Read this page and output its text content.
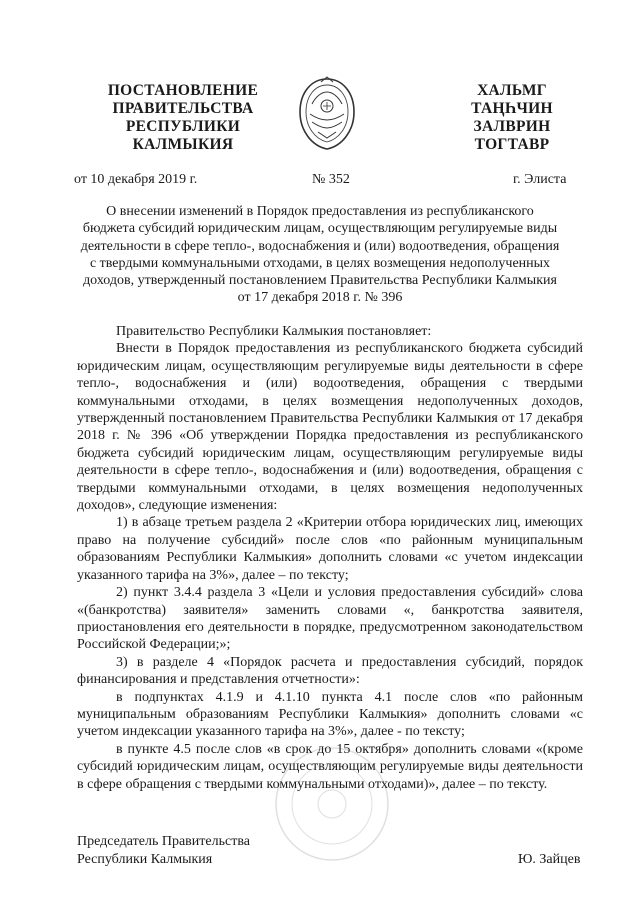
ПОСТАНОВЛЕНИЕ
ПРАВИТЕЛЬСТВА
РЕСПУБЛИКИ
КАЛМЫКИЯ
ХАЛЬМГ
ТАҢҺЧИН
ЗАЛВРИН
ТОГТАВР
от 10 декабря 2019 г.	№ 352	г. Элиста
О внесении изменений в Порядок предоставления из республиканского
бюджета субсидий юридическим лицам, осуществляющим регулируемые виды
деятельности в сфере тепло-, водоснабжения и (или) водоотведения, обращения
с твердыми коммунальными отходами, в целях возмещения недополученных
доходов, утвержденный постановлением Правительства Республики Калмыкия
от 17 декабря 2018 г. № 396

Правительство Республики Калмыкия постановляет:

Внести в Порядок предоставления из республиканского бюджета субсидий юридическим лицам, осуществляющим регулируемые виды деятельности в сфере тепло-, водоснабжения и (или) водоотведения, обращения с твердыми коммунальными отходами, в целях возмещения недополученных доходов, утвержденный постановлением Правительства Республики Калмыкия от 17 декабря 2018 г. № 396 «Об утверждении Порядка предоставления из республиканского бюджета субсидий юридическим лицам, осуществляющим регулируемые виды деятельности в сфере тепло-, водоснабжения и (или) водоотведения, обращения с твердыми коммунальными отходами, в целях возмещения недополученных доходов», следующие изменения:

1) в абзаце третьем раздела 2 «Критерии отбора юридических лиц, имеющих право на получение субсидий» после слов «по районным муниципальным образованиям Республики Калмыкия» дополнить словами «с учетом индексации указанного тарифа на 3%», далее – по тексту;

2) пункт 3.4.4 раздела 3 «Цели и условия предоставления субсидий» слова «(банкротства) заявителя» заменить словами «, банкротства заявителя, приостановления его деятельности в порядке, предусмотренном законодательством Российской Федерации;»;

3) в разделе 4 «Порядок расчета и предоставления субсидий, порядок финансирования и представления отчетности»:

в подпунктах 4.1.9 и 4.1.10 пункта 4.1 после слов «по районным муниципальным образованиям Республики Калмыкия» дополнить словами «с учетом индексации указанного тарифа на 3%», далее - по тексту;

в пункте 4.5 после слов «в срок до 15 октября» дополнить словами «(кроме субсидий юридическим лицам, осуществляющим регулируемые виды деятельности в сфере обращения с твердыми коммунальными отходами)», далее – по тексту.

Председатель Правительства
Республики Калмыкия	Ю. Зайцев
